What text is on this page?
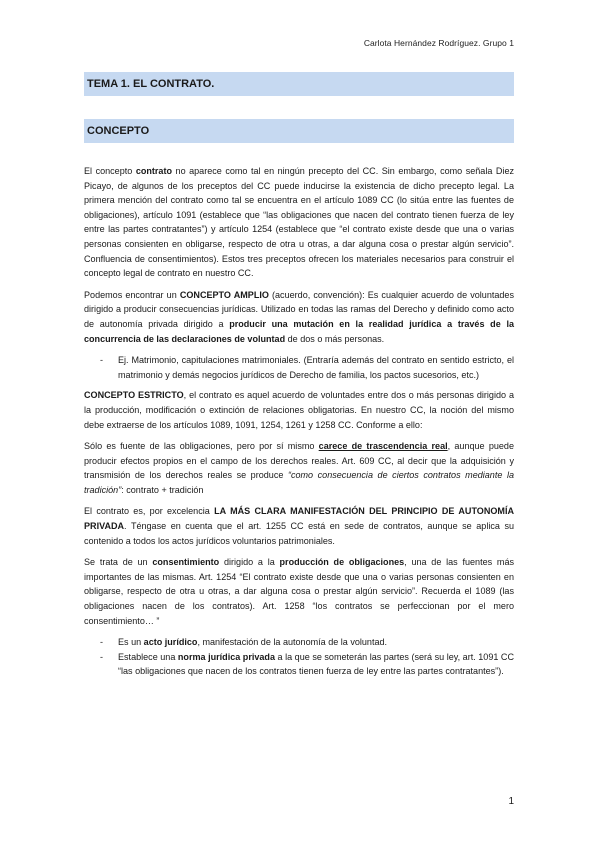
Carlota Hernández Rodríguez. Grupo 1
TEMA 1. EL CONTRATO.
CONCEPTO

El concepto contrato no aparece como tal en ningún precepto del CC. Sin embargo, como señala Diez Picayo, de algunos de los preceptos del CC puede inducirse la existencia de dicho precepto legal. La primera mención del contrato como tal se encuentra en el artículo 1089 CC (lo sitúa entre las fuentes de obligaciones), artículo 1091 (establece que “las obligaciones que nacen del contrato tienen fuerza de ley entre las partes contratantes”) y artículo 1254 (establece que “el contrato existe desde que una o varias personas consienten en obligarse, respecto de otra u otras, a dar alguna cosa o prestar algún servicio”. Confluencia de consentimientos). Estos tres preceptos ofrecen los materiales necesarios para construir el concepto legal de contrato en nuestro CC.

Podemos encontrar un CONCEPTO AMPLIO (acuerdo, convención): Es cualquier acuerdo de voluntades dirigido a producir consecuencias jurídicas. Utilizado en todas las ramas del Derecho y definido como acto de autonomía privada dirigido a producir una mutación en la realidad jurídica a través de la concurrencia de las declaraciones de voluntad de dos o más personas.

- Ej. Matrimonio, capitulaciones matrimoniales. (Entraría además del contrato en sentido estricto, el matrimonio y demás negocios jurídicos de Derecho de familia, los pactos sucesorios, etc.)

CONCEPTO ESTRICTO, el contrato es aquel acuerdo de voluntades entre dos o más personas dirigido a la producción, modificación o extinción de relaciones obligatorias. En nuestro CC, la noción del mismo debe extraerse de los artículos 1089, 1091, 1254, 1261 y 1258 CC. Conforme a ello:

Sólo es fuente de las obligaciones, pero por sí mismo carece de trascendencia real, aunque puede producir efectos propios en el campo de los derechos reales. Art. 609 CC, al decir que la adquisición y transmisión de los derechos reales se produce “como consecuencia de ciertos contratos mediante la tradición”: contrato + tradición

El contrato es, por excelencia LA MÁS CLARA MANIFESTACIÓN DEL PRINCIPIO DE AUTONOMÍA PRIVADA. Téngase en cuenta que el art. 1255 CC está en sede de contratos, aunque se aplica su contenido a todos los actos jurídicos voluntarios patrimoniales.

Se trata de un consentimiento dirigido a la producción de obligaciones, una de las fuentes más importantes de las mismas. Art. 1254 “El contrato existe desde que una o varias personas consienten en obligarse, respecto de otra u otras, a dar alguna cosa o prestar algún servicio”. Recuerda el 1089 (las obligaciones nacen de los contratos). Art. 1258 “los contratos se perfeccionan por el mero consentimiento… ”

- Es un acto jurídico, manifestación de la autonomía de la voluntad.
- Establece una norma jurídica privada a la que se someterán las partes (será su ley, art. 1091 CC “las obligaciones que nacen de los contratos tienen fuerza de ley entre las partes contratantes”).
1
